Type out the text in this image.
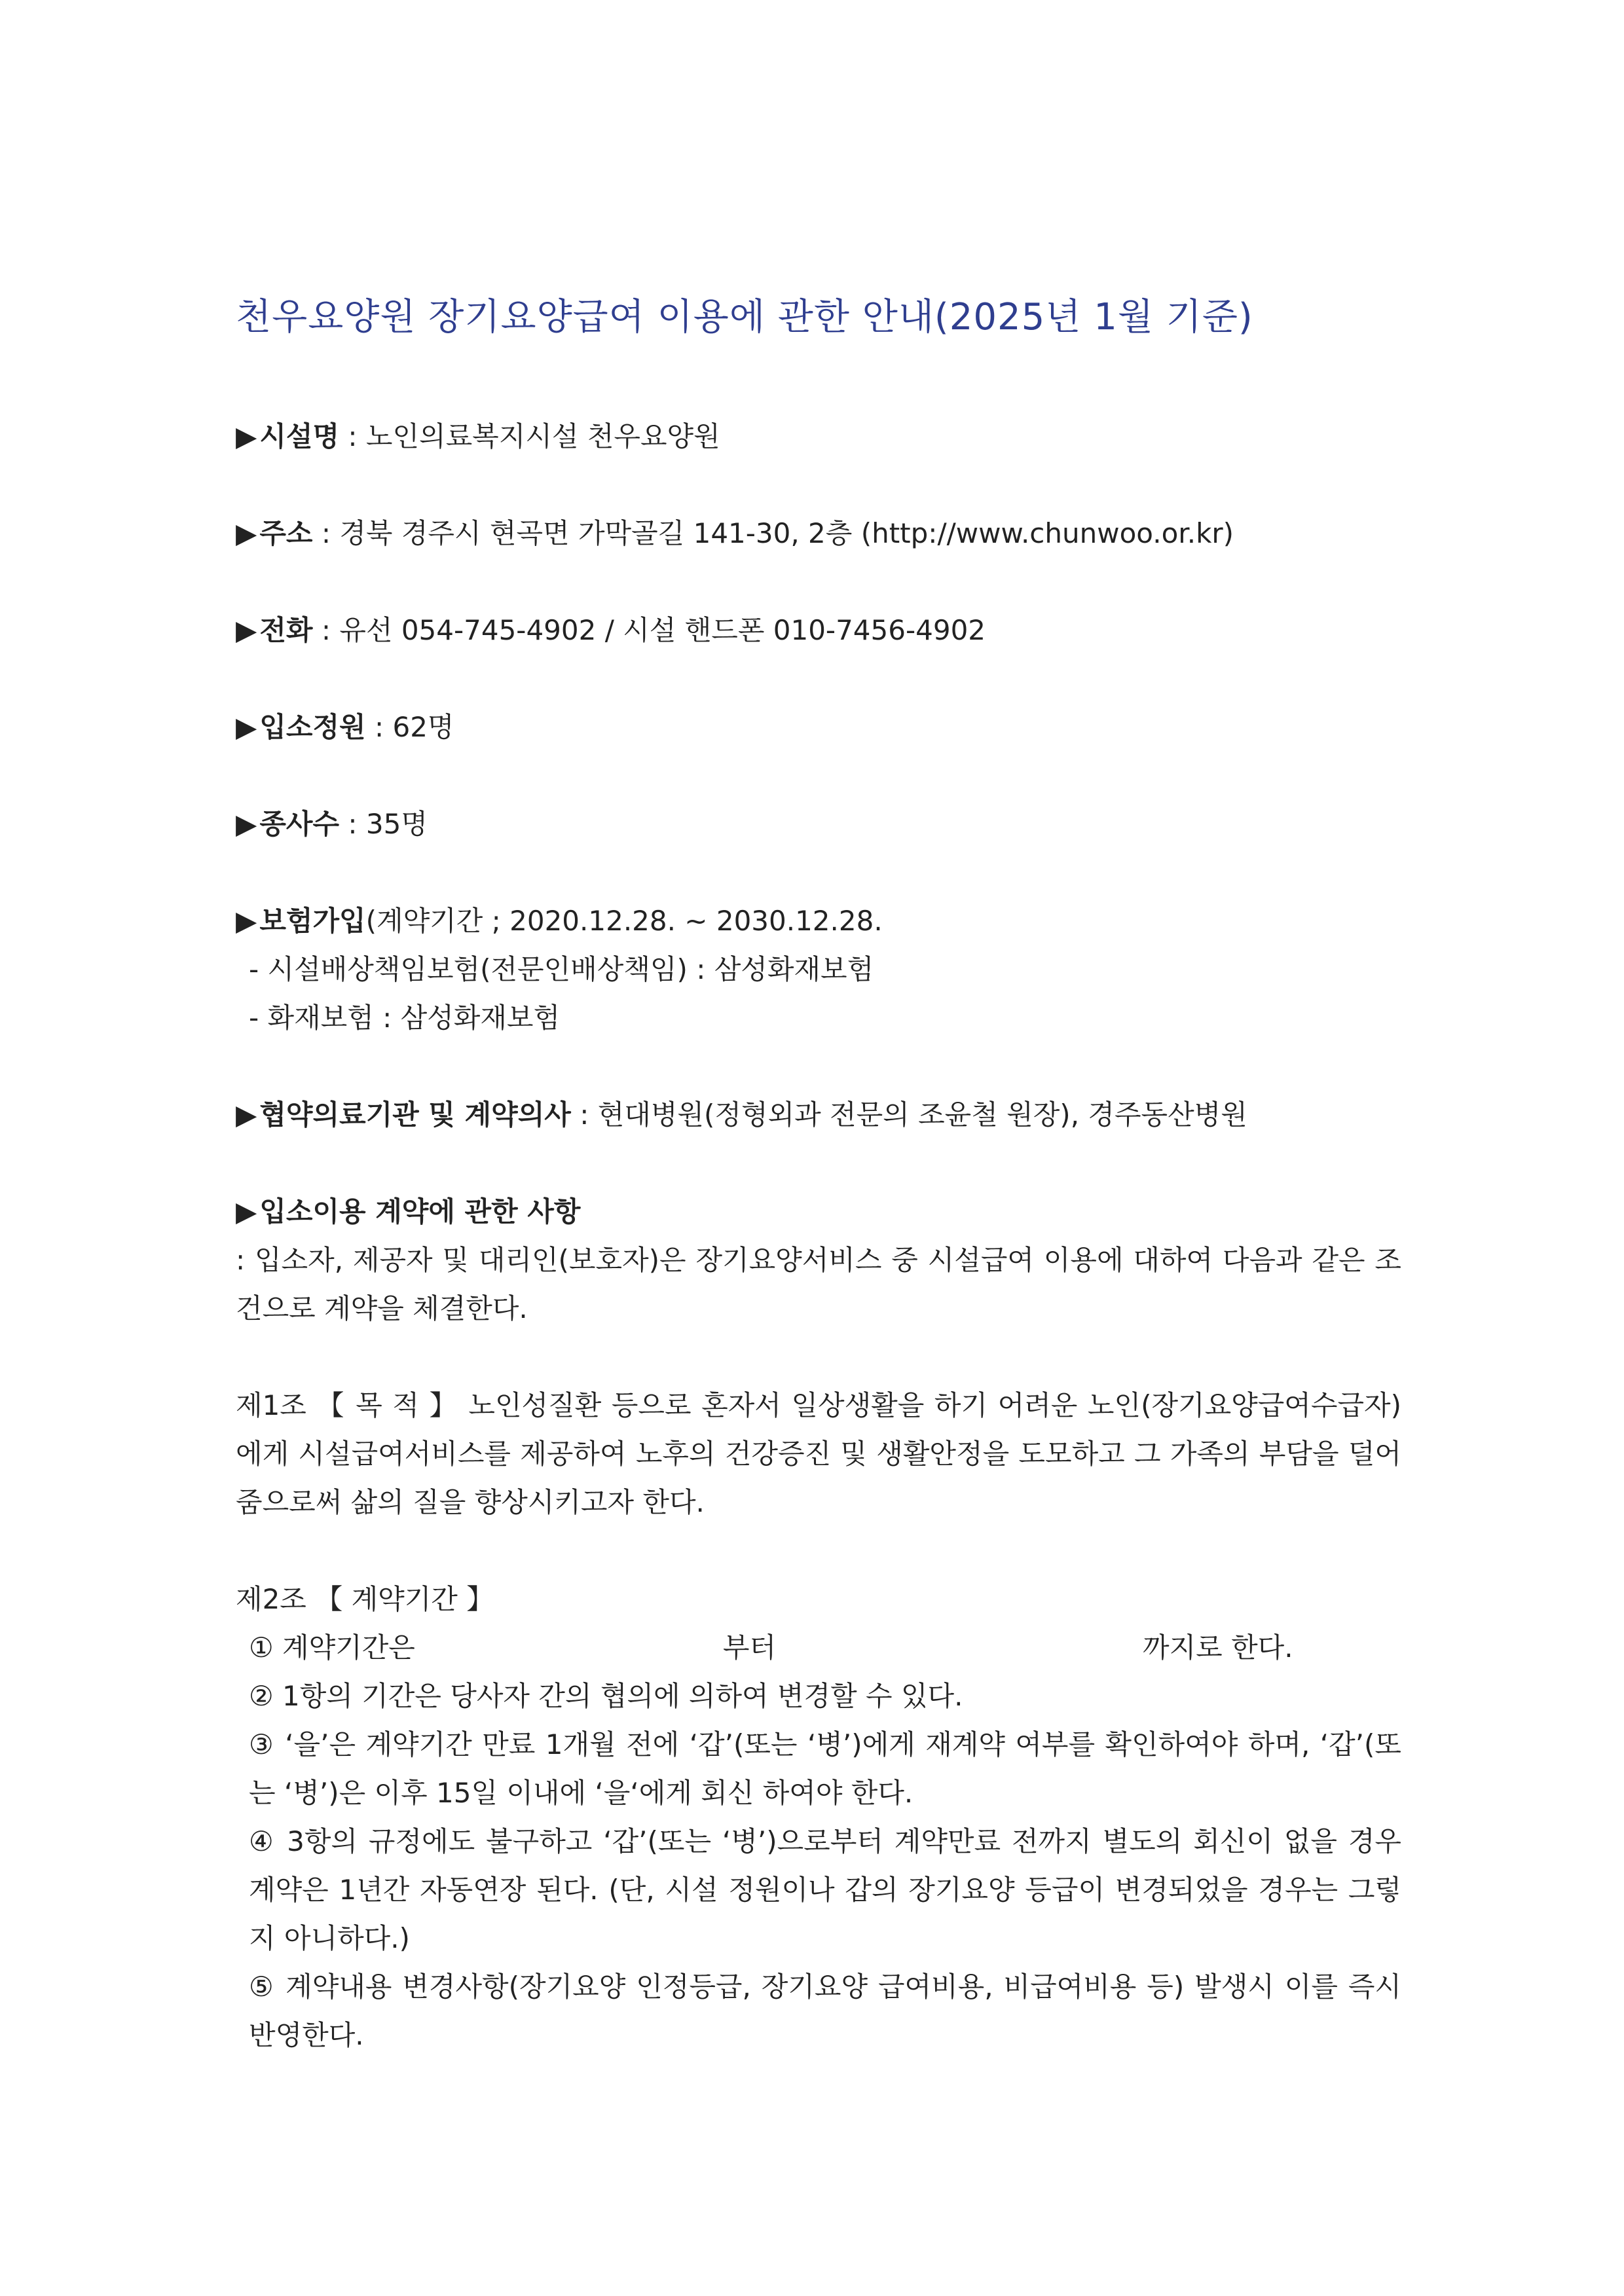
천우요양원 장기요양급여 이용에 관한 안내(2025년 1월 기준)
▶시설명 : 노인의료복지시설 천우요양원
▶주소 : 경북 경주시 현곡면 가막골길 141-30, 2층 (http://www.chunwoo.or.kr)
▶전화 : 유선 054-745-4902 / 시설 핸드폰 010-7456-4902
▶입소정원 : 62명
▶종사수 : 35명
▶보험가입(계약기간 ; 2020.12.28. ~ 2030.12.28.
- 시설배상책임보험(전문인배상책임) : 삼성화재보험
- 화재보험 : 삼성화재보험
▶협약의료기관 및 계약의사 : 현대병원(정형외과 전문의 조윤철 원장), 경주동산병원
▶입소이용 계약에 관한 사항
: 입소자, 제공자 및 대리인(보호자)은 장기요양서비스 중 시설급여 이용에 대하여 다음과 같은 조건으로 계약을 체결한다.
제1조 【 목 적 】 노인성질환 등으로 혼자서 일상생활을 하기 어려운 노인(장기요양급여수급자)에게 시설급여서비스를 제공하여 노후의 건강증진 및 생활안정을 도모하고 그 가족의 부담을 덜어줌으로써 삶의 질을 향상시키고자 한다.
제2조 【 계약기간 】
① 계약기간은	부터	까지로 한다.
② 1항의 기간은 당사자 간의 협의에 의하여 변경할 수 있다.
③ ‘을’은 계약기간 만료 1개월 전에 ‘갑’(또는 ‘병’)에게 재계약 여부를 확인하여야 하며, ‘갑’(또는 ‘병’)은 이후 15일 이내에 ‘을‘에게 회신 하여야 한다.
④ 3항의 규정에도 불구하고 ‘갑’(또는 ‘병’)으로부터 계약만료 전까지 별도의 회신이 없을 경우 계약은 1년간 자동연장 된다. (단, 시설 정원이나 갑의 장기요양 등급이 변경되었을 경우는 그렇지 아니하다.)
⑤ 계약내용 변경사항(장기요양 인정등급, 장기요양 급여비용, 비급여비용 등) 발생시 이를 즉시 반영한다.
